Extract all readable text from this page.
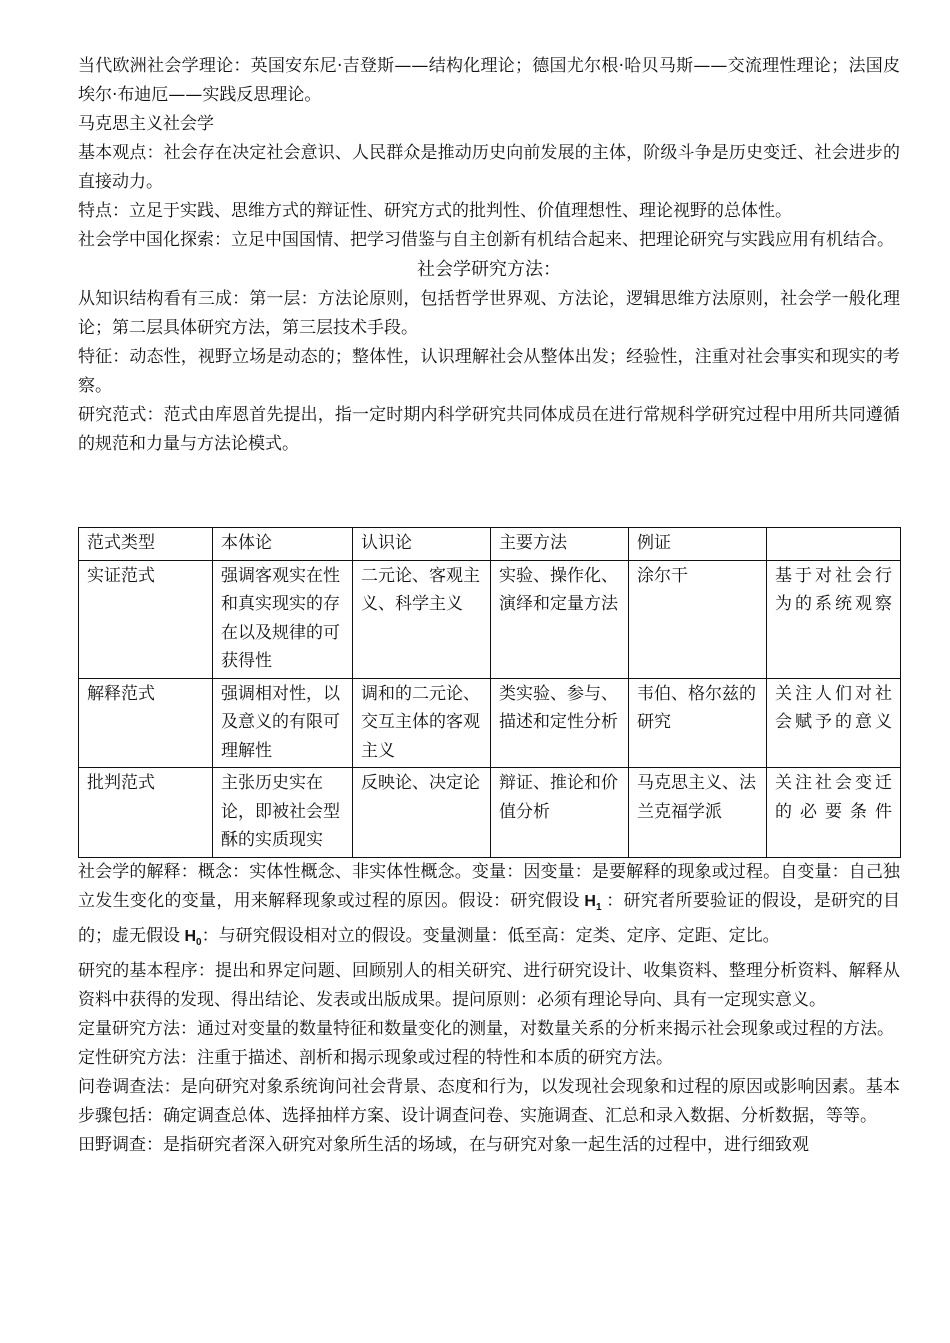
当代欧洲社会学理论：英国安东尼·吉登斯——结构化理论；德国尤尔根·哈贝马斯——交流理性理论；法国皮埃尔·布迪厄——实践反思理论。

马克思主义社会学

基本观点：社会存在决定社会意识、人民群众是推动历史向前发展的主体，阶级斗争是历史变迁、社会进步的直接动力。

特点：立足于实践、思维方式的辩证性、研究方式的批判性、价值理想性、理论视野的总体性。

社会学中国化探索：立足中国国情、把学习借鉴与自主创新有机结合起来、把理论研究与实践应用有机结合。

社会学研究方法：

从知识结构看有三成：第一层：方法论原则，包括哲学世界观、方法论，逻辑思维方法原则，社会学一般化理论；第二层具体研究方法，第三层技术手段。

特征：动态性，视野立场是动态的；整体性，认识理解社会从整体出发；经验性，注重对社会事实和现实的考察。

研究范式：范式由库恩首先提出，指一定时期内科学研究共同体成员在进行常规科学研究过程中用所共同遵循的规范和力量与方法论模式。

范式类型	本体论	认识论	主要方法	例证	
实证范式	强调客观实在性和真实现实的存在以及规律的可获得性	二元论、客观主义、科学主义	实验、操作化、演绎和定量方法	涂尔干	基于对社会行为的系统观察
解释范式	强调相对性，以及意义的有限可理解性	调和的二元论、交互主体的客观主义	类实验、参与、描述和定性分析	韦伯、格尔兹的研究	关注人们对社会赋予的意义
批判范式	主张历史实在论，即被社会型酥的实质现实	反映论、决定论	辩证、推论和价值分析	马克思主义、法兰克福学派	关注社会变迁的必要条件

社会学的解释：概念：实体性概念、非实体性概念。变量：因变量：是要解释的现象或过程。自变量：自己独立发生变化的变量，用来解释现象或过程的原因。假设：研究假设 $H_1$ ：研究者所要验证的假设，是研究的目的；虚无假设 $H_0$：与研究假设相对立的假设。变量测量：低至高：定类、定序、定距、定比。

研究的基本程序：提出和界定问题、回顾别人的相关研究、进行研究设计、收集资料、整理分析资料、解释从资料中获得的发现、得出结论、发表或出版成果。提问原则：必须有理论导向、具有一定现实意义。

定量研究方法：通过对变量的数量特征和数量变化的测量，对数量关系的分析来揭示社会现象或过程的方法。

定性研究方法：注重于描述、剖析和揭示现象或过程的特性和本质的研究方法。

问卷调查法：是向研究对象系统询问社会背景、态度和行为，以发现社会现象和过程的原因或影响因素。基本步骤包括：确定调查总体、选择抽样方案、设计调查问卷、实施调查、汇总和录入数据、分析数据，等等。

田野调查：是指研究者深入研究对象所生活的场域，在与研究对象一起生活的过程中，进行细致观
